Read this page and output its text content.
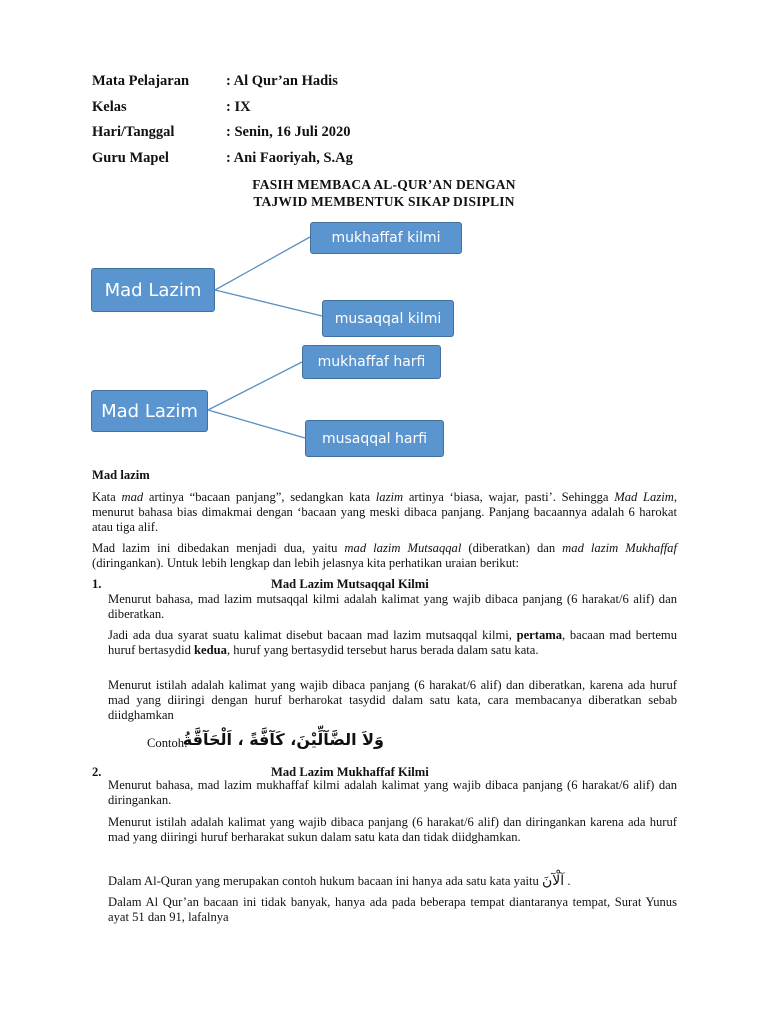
Mata Pelajaran	: Al Qur’an Hadis
Kelas	: IX
Hari/Tanggal	: Senin, 16 Juli 2020
Guru Mapel	: Ani Faoriyah, S.Ag
FASIH MEMBACA AL-QUR’AN DENGAN
TAJWID MEMBENTUK SIKAP DISIPLIN
Mad Lazim
mukhaffaf kilmi
musaqqal kilmi
Mad Lazim
mukhaffaf harfi
musaqqal harfi
Mad lazim
Kata mad artinya “bacaan panjang”, sedangkan kata lazim artinya ‘biasa, wajar, pasti’. Sehingga Mad Lazim, menurut bahasa bias dimakmai dengan ‘bacaan yang meski dibaca panjang. Panjang bacaannya adalah 6 harokat atau tiga alif.
Mad lazim ini dibedakan menjadi dua, yaitu mad lazim Mutsaqqal (diberatkan) dan mad lazim Mukhaffaf (diringankan). Untuk lebih lengkap dan lebih jelasnya kita perhatikan uraian berikut:
1.	Mad Lazim Mutsaqqal Kilmi
Menurut bahasa, mad lazim mutsaqqal kilmi adalah kalimat yang wajib dibaca panjang (6 harakat/6 alif) dan diberatkan.
Jadi ada dua syarat suatu kalimat disebut bacaan mad lazim mutsaqqal kilmi, pertama, bacaan mad bertemu huruf bertasydid kedua, huruf yang bertasydid tersebut harus berada dalam satu kata.
Menurut istilah adalah kalimat yang wajib dibaca panjang (6 harakat/6 alif) dan diberatkan, karena ada huruf mad yang diiringi dengan huruf berharokat tasydid dalam satu kata, cara membacanya diberatkan sebab diidghamkan
Contoh:
وَلاَ الضَّآلِّيْنَ، كَآفَّةً ، اَلْحَآقَّةُ
2.	Mad Lazim Mukhaffaf Kilmi
Menurut bahasa, mad lazim mukhaffaf kilmi adalah kalimat yang wajib dibaca panjang (6 harakat/6 alif) dan diringankan.
Menurut istilah adalah kalimat yang wajib dibaca panjang (6 harakat/6 alif) dan diringankan karena ada huruf mad yang diiringi huruf berharakat sukun dalam satu kata dan tidak diidghamkan.
Dalam Al-Quran yang merupakan contoh hukum bacaan ini hanya ada satu kata yaitu آلْآنَ .
Dalam Al Qur’an bacaan ini tidak banyak, hanya ada pada beberapa tempat diantaranya tempat, Surat Yunus ayat 51 dan 91, lafalnya
